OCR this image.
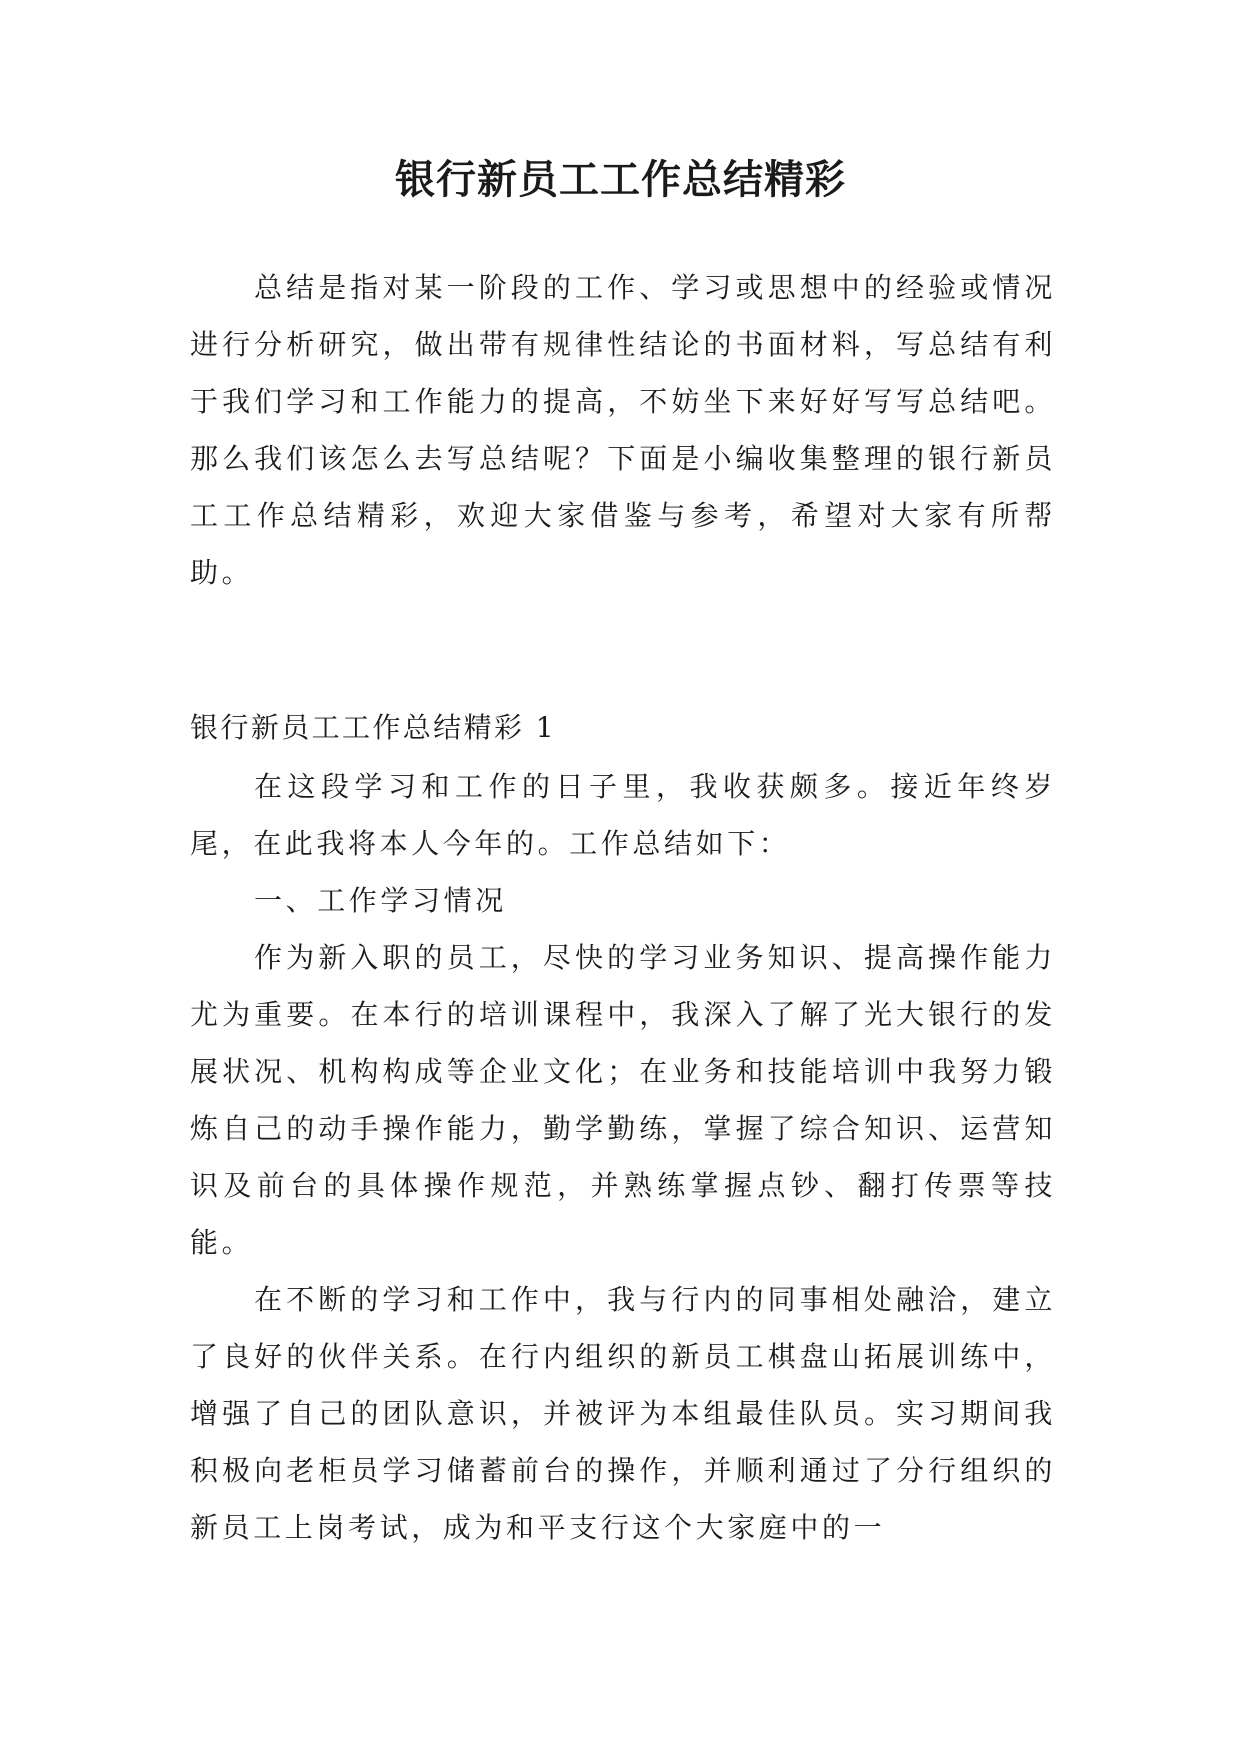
银行新员工工作总结精彩

总结是指对某一阶段的工作、学习或思想中的经验或情况进行分析研究，做出带有规律性结论的书面材料，写总结有利于我们学习和工作能力的提高，不妨坐下来好好写写总结吧。那么我们该怎么去写总结呢？下面是小编收集整理的银行新员工工作总结精彩，欢迎大家借鉴与参考，希望对大家有所帮助。

银行新员工工作总结精彩 1

在这段学习和工作的日子里，我收获颇多。接近年终岁尾，在此我将本人今年的。工作总结如下：

一、工作学习情况

作为新入职的员工，尽快的学习业务知识、提高操作能力尤为重要。在本行的培训课程中，我深入了解了光大银行的发展状况、机构构成等企业文化；在业务和技能培训中我努力锻炼自己的动手操作能力，勤学勤练，掌握了综合知识、运营知识及前台的具体操作规范，并熟练掌握点钞、翻打传票等技能。

在不断的学习和工作中，我与行内的同事相处融洽，建立了良好的伙伴关系。在行内组织的新员工棋盘山拓展训练中，增强了自己的团队意识，并被评为本组最佳队员。实习期间我积极向老柜员学习储蓄前台的操作，并顺利通过了分行组织的新员工上岗考试，成为和平支行这个大家庭中的一
